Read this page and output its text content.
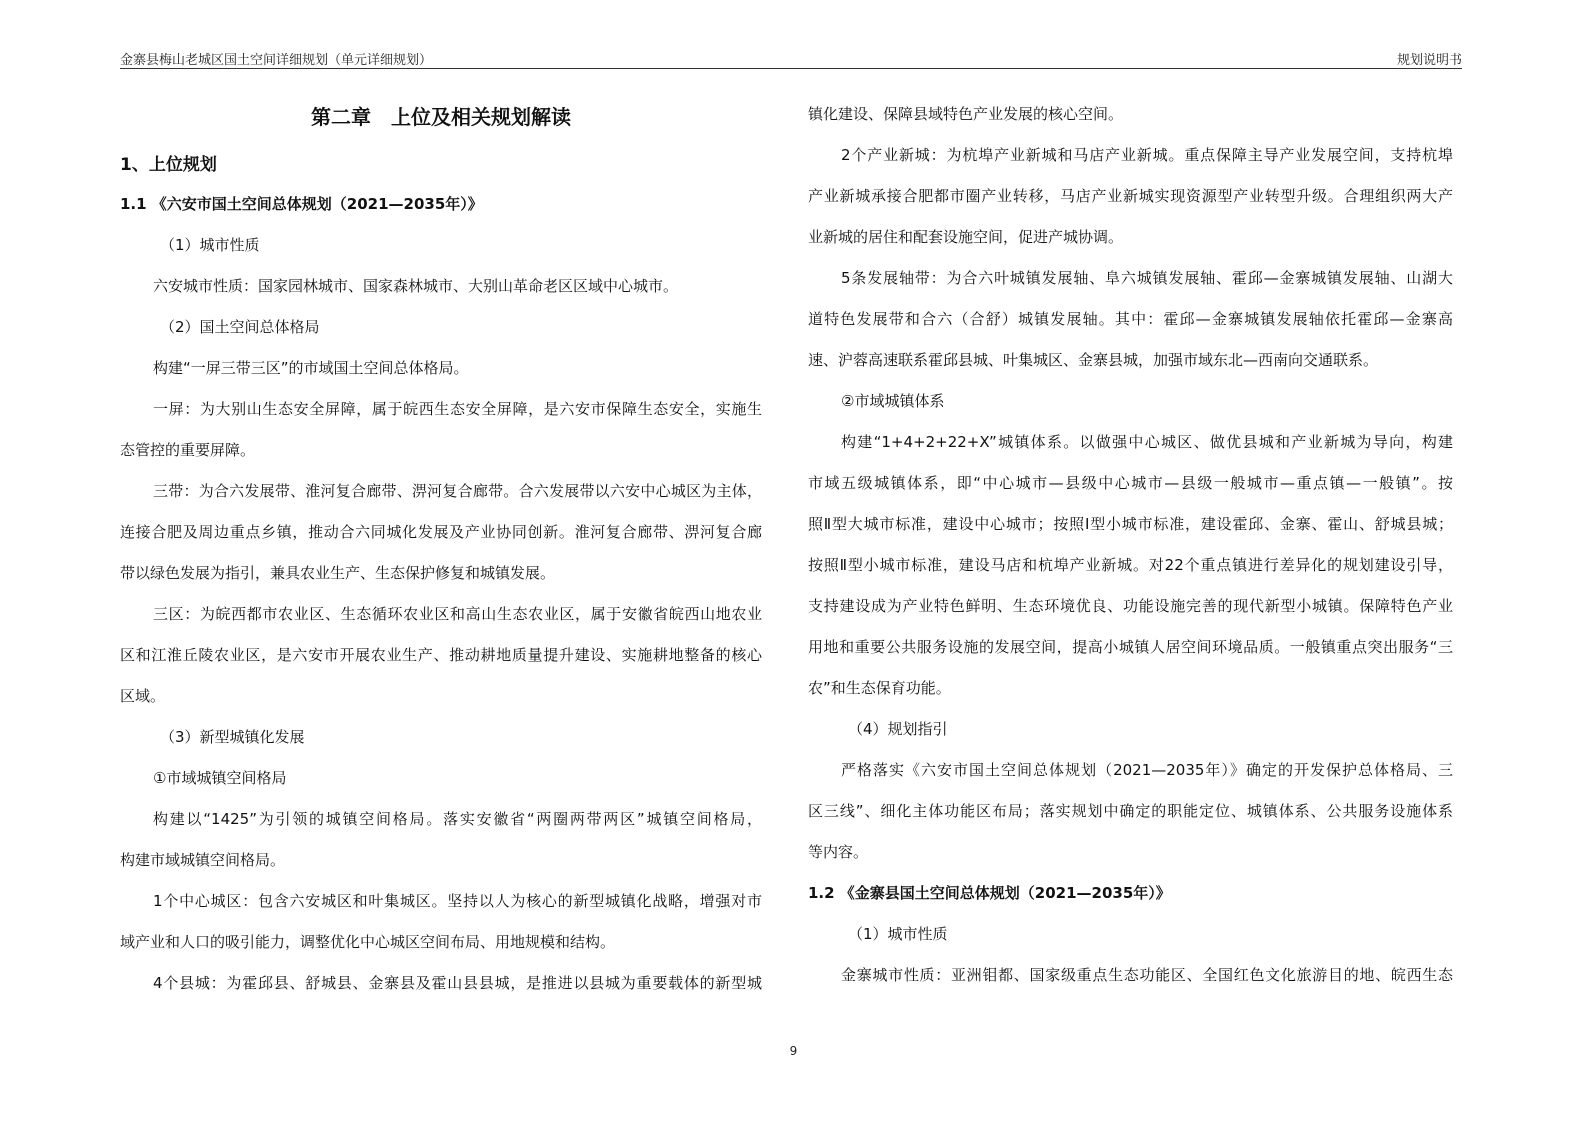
金寨县梅山老城区国土空间详细规划（单元详细规划）	规划说明书
第二章　上位及相关规划解读
1、上位规划
1.1 《六安市国土空间总体规划（2021—2035年）》
（1）城市性质
六安城市性质：国家园林城市、国家森林城市、大别山革命老区区域中心城市。
（2）国土空间总体格局
构建“一屏三带三区”的市域国土空间总体格局。
一屏：为大别山生态安全屏障，属于皖西生态安全屏障，是六安市保障生态安全，实施生
态管控的重要屏障。
三带：为合六发展带、淮河复合廊带、淠河复合廊带。合六发展带以六安中心城区为主体，
连接合肥及周边重点乡镇，推动合六同城化发展及产业协同创新。淮河复合廊带、淠河复合廊
带以绿色发展为指引，兼具农业生产、生态保护修复和城镇发展。
三区：为皖西都市农业区、生态循环农业区和高山生态农业区，属于安徽省皖西山地农业
区和江淮丘陵农业区，是六安市开展农业生产、推动耕地质量提升建设、实施耕地整备的核心
区域。
（3）新型城镇化发展
①市域城镇空间格局
构建以“1425”为引领的城镇空间格局。落实安徽省“两圈两带两区”城镇空间格局，
构建市域城镇空间格局。
1个中心城区：包含六安城区和叶集城区。坚持以人为核心的新型城镇化战略，增强对市
域产业和人口的吸引能力，调整优化中心城区空间布局、用地规模和结构。
4个县城：为霍邱县、舒城县、金寨县及霍山县县城，是推进以县城为重要载体的新型城
镇化建设、保障县域特色产业发展的核心空间。
2个产业新城：为杭埠产业新城和马店产业新城。重点保障主导产业发展空间，支持杭埠
产业新城承接合肥都市圈产业转移，马店产业新城实现资源型产业转型升级。合理组织两大产
业新城的居住和配套设施空间，促进产城协调。
5条发展轴带：为合六叶城镇发展轴、阜六城镇发展轴、霍邱—金寨城镇发展轴、山湖大
道特色发展带和合六（合舒）城镇发展轴。其中：霍邱—金寨城镇发展轴依托霍邱—金寨高
速、沪蓉高速联系霍邱县城、叶集城区、金寨县城，加强市域东北—西南向交通联系。
②市域城镇体系
构建“1+4+2+22+X”城镇体系。以做强中心城区、做优县城和产业新城为导向，构建
市域五级城镇体系，即“中心城市—县级中心城市—县级一般城市—重点镇—一般镇”。按
照Ⅱ型大城市标准，建设中心城市；按照Ⅰ型小城市标准，建设霍邱、金寨、霍山、舒城县城；
按照Ⅱ型小城市标准，建设马店和杭埠产业新城。对22个重点镇进行差异化的规划建设引导，
支持建设成为产业特色鲜明、生态环境优良、功能设施完善的现代新型小城镇。保障特色产业
用地和重要公共服务设施的发展空间，提高小城镇人居空间环境品质。一般镇重点突出服务“三
农”和生态保育功能。
（4）规划指引
严格落实《六安市国土空间总体规划（2021—2035年）》确定的开发保护总体格局、三
区三线”、细化主体功能区布局；落实规划中确定的职能定位、城镇体系、公共服务设施体系
等内容。
1.2 《金寨县国土空间总体规划（2021—2035年）》
（1）城市性质
金寨城市性质：亚洲钼都、国家级重点生态功能区、全国红色文化旅游目的地、皖西生态
9
